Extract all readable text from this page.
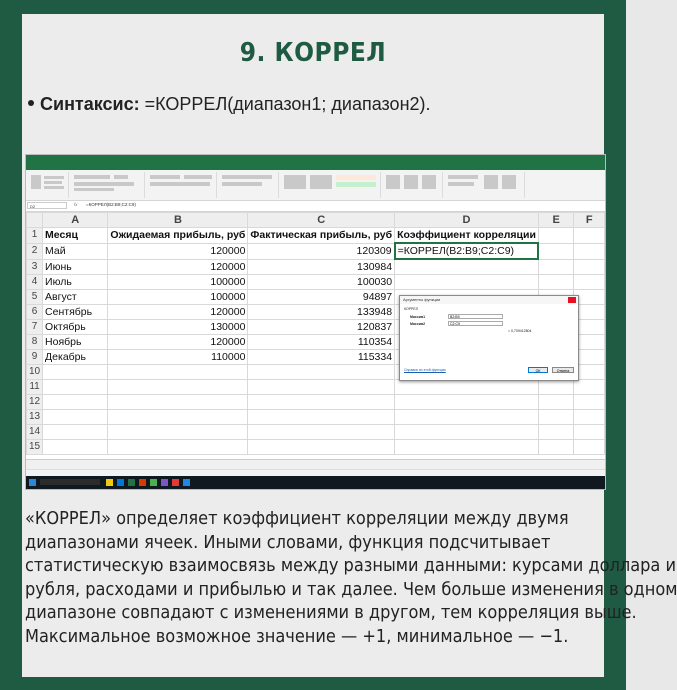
9. КОРРЕЛ
Синтаксис: =КОРРЕЛ(диапазон1; диапазон2).
D2	fx =КОРРЕЛ(B2:B9;C2:C9)
	A	B	C	D	E	F
1	Месяц	Ожидаемая прибыль, руб	Фактическая прибыль, руб	Коэффициент корреляции		
2	Май	120000	120309	=КОРРЕЛ(B2:B9;C2:C9)		
3	Июнь	120000	130984			
4	Июль	100000	100030			
5	Август	100000	94897			
6	Сентябрь	120000	133948			
7	Октябрь	130000	120837			
8	Ноябрь	120000	110354			
9	Декабрь	110000	115334			
10						
11						
12						
13						
14						
15						
Аргументы функции
КОРРЕЛ
Массив1	B2:B9
Массив2	C2:C9
= 0,709412804
Справка по этой функции	ОК	Отмена
«КОРРЕЛ» определяет коэффициент корреляции между двумя
диапазонами ячеек. Иными словами, функция подсчитывает
статистическую взаимосвязь между разными данными: курсами доллара и
рубля, расходами и прибылью и так далее. Чем больше изменения в одном
диапазоне совпадают с изменениями в другом, тем корреляция выше.
Максимальное возможное значение — +1, минимальное — −1.
